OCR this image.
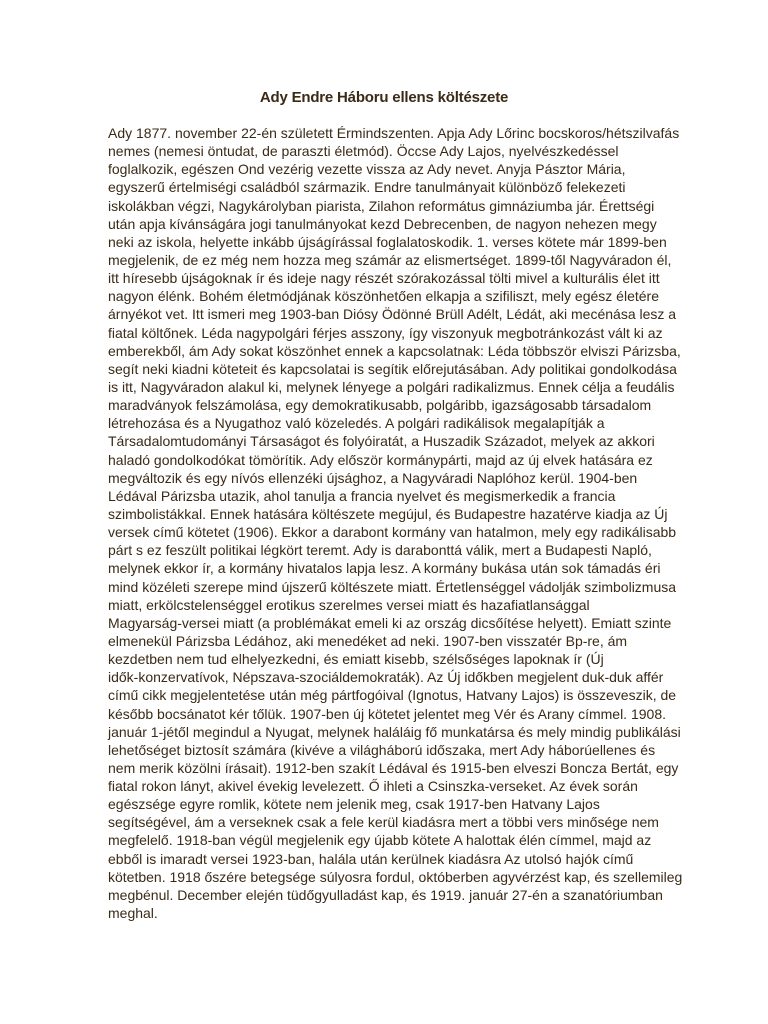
Ady Endre Háboru ellens költészete
Ady 1877. november 22-én született Érmindszenten. Apja Ady Lőrinc bocskoros/hétszilvafás
nemes (nemesi öntudat, de paraszti életmód). Öccse Ady Lajos, nyelvészkedéssel
foglalkozik, egészen Ond vezérig vezette vissza az Ady nevet. Anyja Pásztor Mária,
egyszerű értelmiségi családból származik. Endre tanulmányait különböző felekezeti
iskolákban végzi, Nagykárolyban piarista, Zilahon református gimnáziumba jár. Érettségi
után apja kívánságára jogi tanulmányokat kezd Debrecenben, de nagyon nehezen megy
neki az iskola, helyette inkább újságírással foglalatoskodik. 1. verses kötete már 1899-ben
megjelenik, de ez még nem hozza meg számár az elismertséget. 1899-től Nagyváradon él,
itt híresebb újságoknak ír és ideje nagy részét szórakozással tölti mivel a kulturális élet itt
nagyon élénk. Bohém életmódjának köszönhetően elkapja a szifiliszt, mely egész életére
árnyékot vet. Itt ismeri meg 1903-ban Diósy Ödönné Brüll Adélt, Lédát, aki mecénása lesz a
fiatal költőnek. Léda nagypolgári férjes asszony, így viszonyuk megbotránkozást vált ki az
emberekből, ám Ady sokat köszönhet ennek a kapcsolatnak: Léda többször elviszi Párizsba,
segít neki kiadni köteteit és kapcsolatai is segítik előrejutásában. Ady politikai gondolkodása
is itt, Nagyváradon alakul ki, melynek lényege a polgári radikalizmus. Ennek célja a feudális
maradványok felszámolása, egy demokratikusabb, polgáribb, igazságosabb társadalom
létrehozása és a Nyugathoz való közeledés. A polgári radikálisok megalapítják a
Társadalomtudományi Társaságot és folyóiratát, a Huszadik Századot, melyek az akkori
haladó gondolkodókat tömörítik. Ady először kormánypárti, majd az új elvek hatására ez
megváltozik és egy nívós ellenzéki újsághoz, a Nagyváradi Naplóhoz kerül. 1904-ben
Lédával Párizsba utazik, ahol tanulja a francia nyelvet és megismerkedik a francia
szimbolistákkal. Ennek hatására költészete megújul, és Budapestre hazatérve kiadja az Új
versek című kötetet (1906). Ekkor a darabont kormány van hatalmon, mely egy radikálisabb
párt s ez feszült politikai légkört teremt. Ady is darabonttá válik, mert a Budapesti Napló,
melynek ekkor ír, a kormány hivatalos lapja lesz. A kormány bukása után sok támadás éri
mind közéleti szerepe mind újszerű költészete miatt. Értetlenséggel vádolják szimbolizmusa
miatt, erkölcstelenséggel erotikus szerelmes versei miatt és hazafiatlansággal
Magyarság-versei miatt (a problémákat emeli ki az ország dicsőítése helyett). Emiatt szinte
elmenekül Párizsba Lédához, aki menedéket ad neki. 1907-ben visszatér Bp-re, ám
kezdetben nem tud elhelyezkedni, és emiatt kisebb, szélsőséges lapoknak ír (Új
idők-konzervatívok, Népszava-szociáldemokraták). Az Új időkben megjelent duk-duk affér
című cikk megjelentetése után még pártfogóival (Ignotus, Hatvany Lajos) is összeveszik, de
később bocsánatot kér tőlük. 1907-ben új kötetet jelentet meg Vér és Arany címmel. 1908.
január 1-jétől megindul a Nyugat, melynek haláláig fő munkatársa és mely mindig publikálási
lehetőséget biztosít számára (kivéve a világháború időszaka, mert Ady háborúellenes és
nem merik közölni írásait). 1912-ben szakít Lédával és 1915-ben elveszi Boncza Bertát, egy
fiatal rokon lányt, akivel évekig levelezett. Ő ihleti a Csinszka-verseket. Az évek során
egészsége egyre romlik, kötete nem jelenik meg, csak 1917-ben Hatvany Lajos
segítségével, ám a verseknek csak a fele kerül kiadásra mert a többi vers minősége nem
megfelelő. 1918-ban végül megjelenik egy újabb kötete A halottak élén címmel, majd az
ebből is imaradt versei 1923-ban, halála után kerülnek kiadásra Az utolsó hajók című
kötetben. 1918 őszére betegsége súlyosra fordul, októberben agyvérzést kap, és szellemileg
megbénul. December elején tüdőgyulladást kap, és 1919. január 27-én a szanatóriumban
meghal.
